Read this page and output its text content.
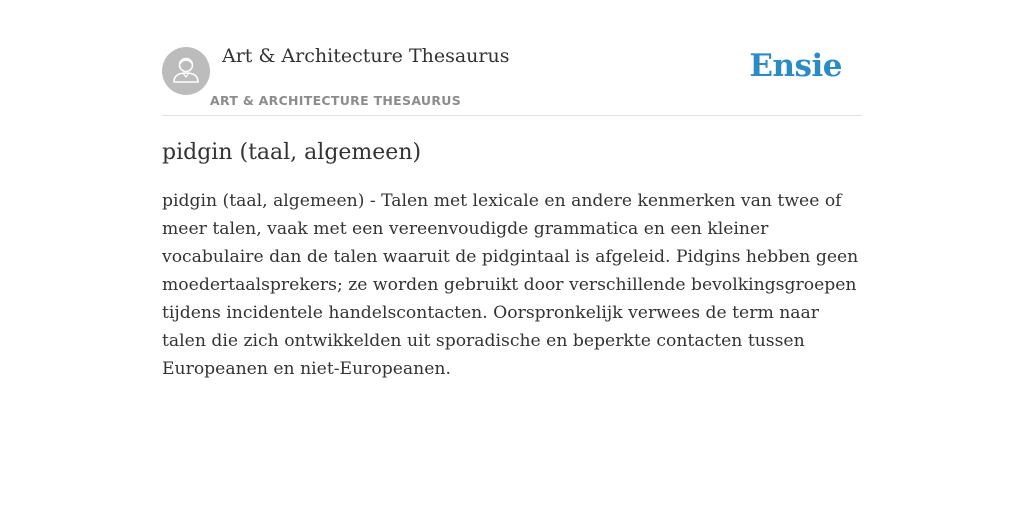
Art & Architecture Thesaurus
ART & ARCHITECTURE THESAURUS
Ensie
pidgin (taal, algemeen)

pidgin (taal, algemeen) - Talen met lexicale en andere kenmerken van twee of meer talen, vaak met een vereenvoudigde grammatica en een kleiner vocabulaire dan de talen waaruit de pidgintaal is afgeleid. Pidgins hebben geen moedertaalsprekers; ze worden gebruikt door verschillende bevolkingsgroepen tijdens incidentele handelscontacten. Oorspronkelijk verwees de term naar talen die zich ontwikkelden uit sporadische en beperkte contacten tussen Europeanen en niet-Europeanen.
